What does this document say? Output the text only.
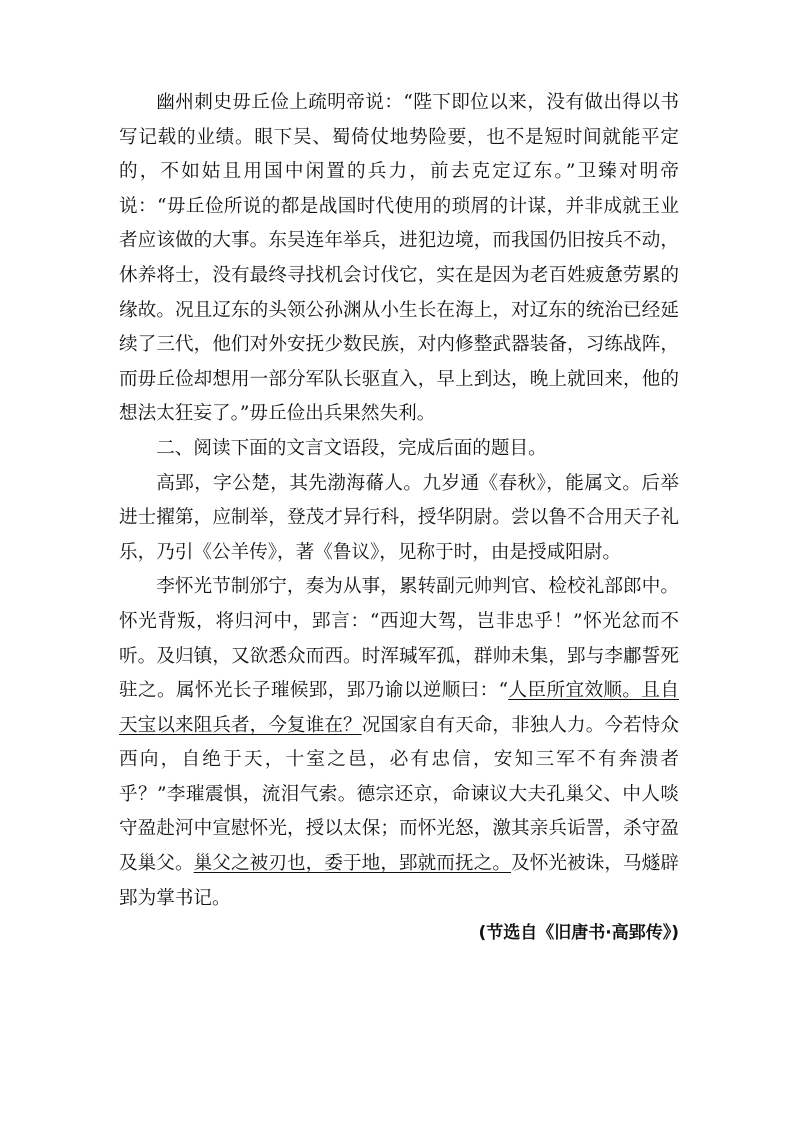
幽州刺史毋丘俭上疏明帝说：“陛下即位以来，没有做出得以书写记载的业绩。眼下吴、蜀倚仗地势险要，也不是短时间就能平定的，不如姑且用国中闲置的兵力，前去克定辽东。”卫臻对明帝说：“毋丘俭所说的都是战国时代使用的琐屑的计谋，并非成就王业者应该做的大事。东吴连年举兵，进犯边境，而我国仍旧按兵不动，休养将士，没有最终寻找机会讨伐它，实在是因为老百姓疲惫劳累的缘故。况且辽东的头领公孙渊从小生长在海上，对辽东的统治已经延续了三代，他们对外安抚少数民族，对内修整武器装备，习练战阵，而毋丘俭却想用一部分军队长驱直入，早上到达，晚上就回来，他的想法太狂妄了。”毋丘俭出兵果然失利。

二、阅读下面的文言文语段，完成后面的题目。

高郢，字公楚，其先渤海蓨人。九岁通《春秋》，能属文。后举进士擢第，应制举，登茂才异行科，授华阴尉。尝以鲁不合用天子礼乐，乃引《公羊传》，著《鲁议》，见称于时，由是授咸阳尉。

李怀光节制邠宁，奏为从事，累转副元帅判官、检校礼部郎中。怀光背叛，将归河中，郢言：“西迎大驾，岂非忠乎！”怀光忿而不听。及归镇，又欲悉众而西。时浑瑊军孤，群帅未集，郢与李鄘誓死驻之。属怀光长子璀候郢，郢乃谕以逆顺曰：“人臣所宜效顺。且自天宝以来阻兵者，今复谁在？况国家自有天命，非独人力。今若恃众西向，自绝于天，十室之邑，必有忠信，安知三军不有奔溃者乎？”李璀震惧，流泪气索。德宗还京，命谏议大夫孔巢父、中人啖守盈赴河中宣慰怀光，授以太保；而怀光怒，激其亲兵诟詈，杀守盈及巢父。巢父之被刃也，委于地，郢就而抚之。及怀光被诛，马燧辟郢为掌书记。

(节选自《旧唐书·高郢传》)
